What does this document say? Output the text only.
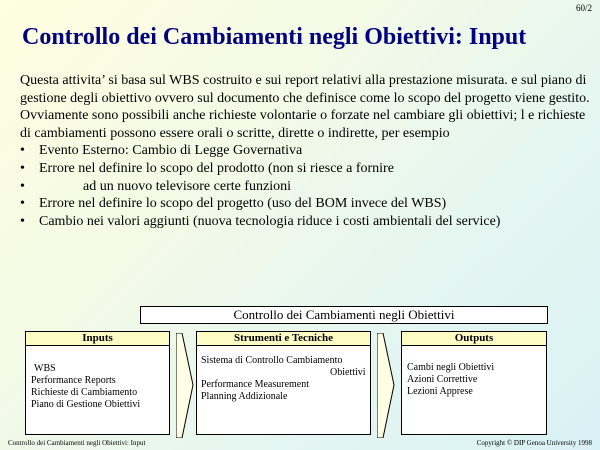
60/2
Controllo dei Cambiamenti negli Obiettivi: Input

Questa attivita’ si basa sul WBS costruito e sui report relativi alla prestazione misurata. e sul piano di gestione degli obiettivo ovvero sul documento che definisce come lo scopo del progetto viene gestito.

Ovviamente sono possibili anche richieste volontarie o forzate nel cambiare gli obiettivi; l e richieste di cambiamenti possono essere orali o scritte, dirette o indirette, per esempio

• Evento Esterno: Cambio di Legge Governativa
• Errore nel definire lo scopo del prodotto (non si riesce a fornire
• ad un nuovo televisore certe funzioni
• Errore nel definire lo scopo del progetto (uso del BOM invece del WBS)
• Cambio nei valori aggiunti (nuova tecnologia riduce i costi ambientali del service)
Controllo dei Cambiamenti negli Obiettivi
Inputs
WBS
Performance Reports
Richieste di Cambiamento
Piano di Gestione Obiettivi
Strumenti e Tecniche
Sistema di Controllo Cambiamento
Obiettivi
Performance Measurement
Planning Addizionale
Outputs
Cambi negli Obiettivi
Azioni Correttive
Lezioni Apprese
Controllo dei Cambiamenti negli Obiettivi: Input	Copyright © DIP Genoa University 1998
